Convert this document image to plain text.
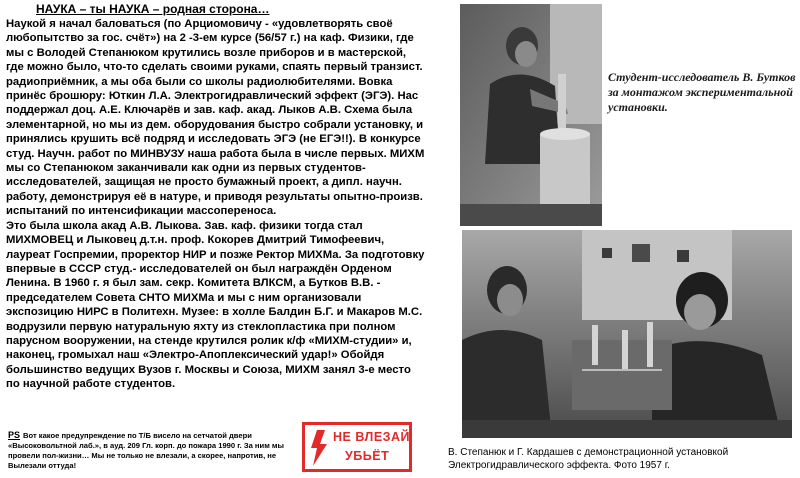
НАУКА – ты НАУКА – родная сторона…

Наукой я начал баловаться (по Арциомовичу - «удовлетворять своё любопытство за гос. счёт») на 2 -3-ем курсе (56/57 г.) на каф. Физики, где мы с Володей Степанюком крутились возле приборов и в мастерской, где можно было, что-то сделать своими руками, спаять первый транзист. радиоприёмник, а мы оба были со школы радиолюбителями. Вовка принёс брошюру: Юткин Л.А. Электрогидравлический эффект (ЭГЭ). Нас поддержал доц. А.Е. Ключарёв и зав. каф. акад. Лыков А.В. Схема была элементарной, но мы из дем. оборудования быстро собрали установку, и принялись крушить всё подряд и исследовать ЭГЭ (не ЕГЭ!!). В конкурсе студ. Научн. работ по МИНВУЗУ наша работа была в числе первых. МИХМ мы со Степанюком заканчивали как одни из первых студентов-исследователей, защищая не просто бумажный проект, а дипл. научн. работу, демонстрируя её в натуре, и приводя результаты опытно-произв. испытаний по интенсификации массопереноса.

Это была школа акад А.В. Лыкова. Зав. каф. физики тогда стал МИХМОВЕЦ и Лыковец д.т.н. проф. Кокорев Дмитрий Тимофеевич, лауреат Госпремии, проректор НИР и позже Ректор МИХМа. За подготовку впервые в СССР студ.- исследователей он был награждён Орденом Ленина. В 1960 г. я был зам. секр. Комитета ВЛКСМ, а Бутков В.В. - председателем Совета СНТО МИХМа и мы с ним организовали экспозицию НИРС в Политехн. Музее: в холле Балдин Б.Г. и Макаров М.С. водрузили первую натуральную яхту из стеклопластика при полном парусном вооружении, на стенде крутился ролик к/ф «МИХМ-студии» и, наконец, громыхал наш «Электро-Апоплексический удар!» Обойдя большинство ведущих Вузов г. Москвы и Союза, МИХМ занял 3-е место по научной работе студентов.

PS Вот какое предупреждение по Т/Б висело на сетчатой двери «Высоковольтной лаб.», в ауд. 209 Гл. корп. до пожара 1990 г. За ним мы провели пол-жизни… Мы не только не влезали, а скорее, напротив, не Вылезали оттуда!
НЕ ВЛЕЗАЙ
УБЬЁТ
Студент-исследователь В. Бутков за монтажом экспериментальной установки.
В. Степанюк и Г. Кардашев с демонстрационной установкой Электрогидравлического эффекта. Фото 1957 г.
